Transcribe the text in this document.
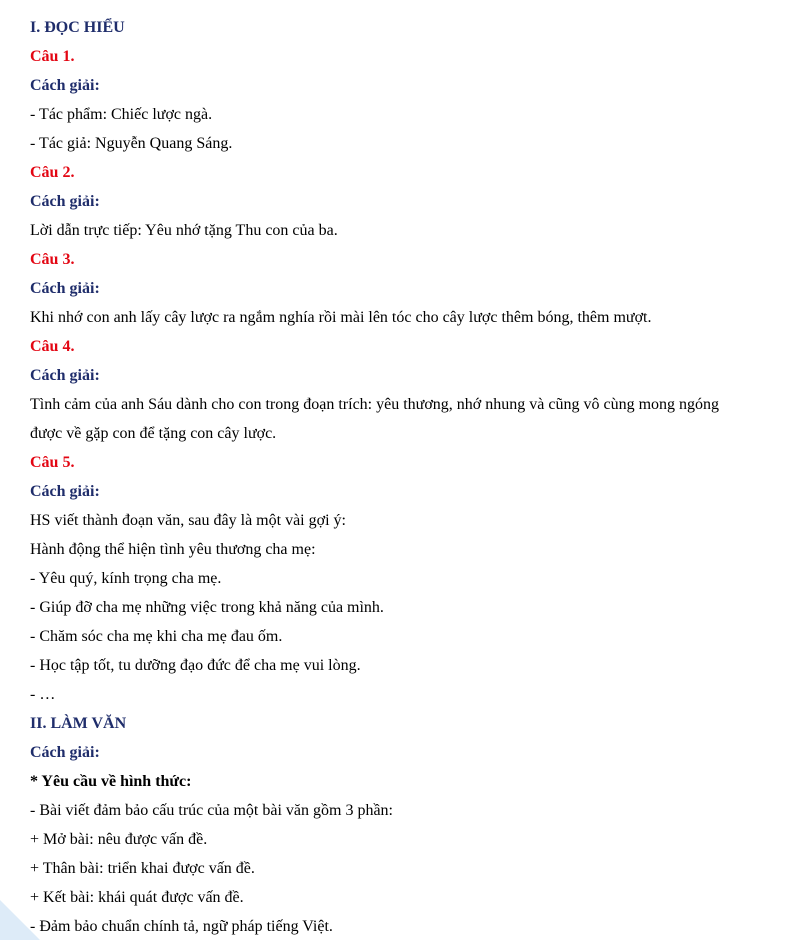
I. ĐỌC HIỂU
Câu 1.
Cách giải:
- Tác phẩm: Chiếc lược ngà.
- Tác giả: Nguyễn Quang Sáng.
Câu 2.
Cách giải:
Lời dẫn trực tiếp: Yêu nhớ tặng Thu con của ba.
Câu 3.
Cách giải:
Khi nhớ con anh lấy cây lược ra ngắm nghía rồi mài lên tóc cho cây lược thêm bóng, thêm mượt.
Câu 4.
Cách giải:
Tình cảm của anh Sáu dành cho con trong đoạn trích: yêu thương, nhớ nhung và cũng vô cùng mong ngóng
được về gặp con để tặng con cây lược.
Câu 5.
Cách giải:
HS viết thành đoạn văn, sau đây là một vài gợi ý:
Hành động thể hiện tình yêu thương cha mẹ:
- Yêu quý, kính trọng cha mẹ.
- Giúp đỡ cha mẹ những việc trong khả năng của mình.
- Chăm sóc cha mẹ khi cha mẹ đau ốm.
- Học tập tốt, tu dưỡng đạo đức để cha mẹ vui lòng.
- …
II. LÀM VĂN
Cách giải:
* Yêu cầu về hình thức:
- Bài viết đảm bảo cấu trúc của một bài văn gồm 3 phần:
+ Mở bài: nêu được vấn đề.
+ Thân bài: triển khai được vấn đề.
+ Kết bài: khái quát được vấn đề.
- Đảm bảo chuẩn chính tả, ngữ pháp tiếng Việt.
